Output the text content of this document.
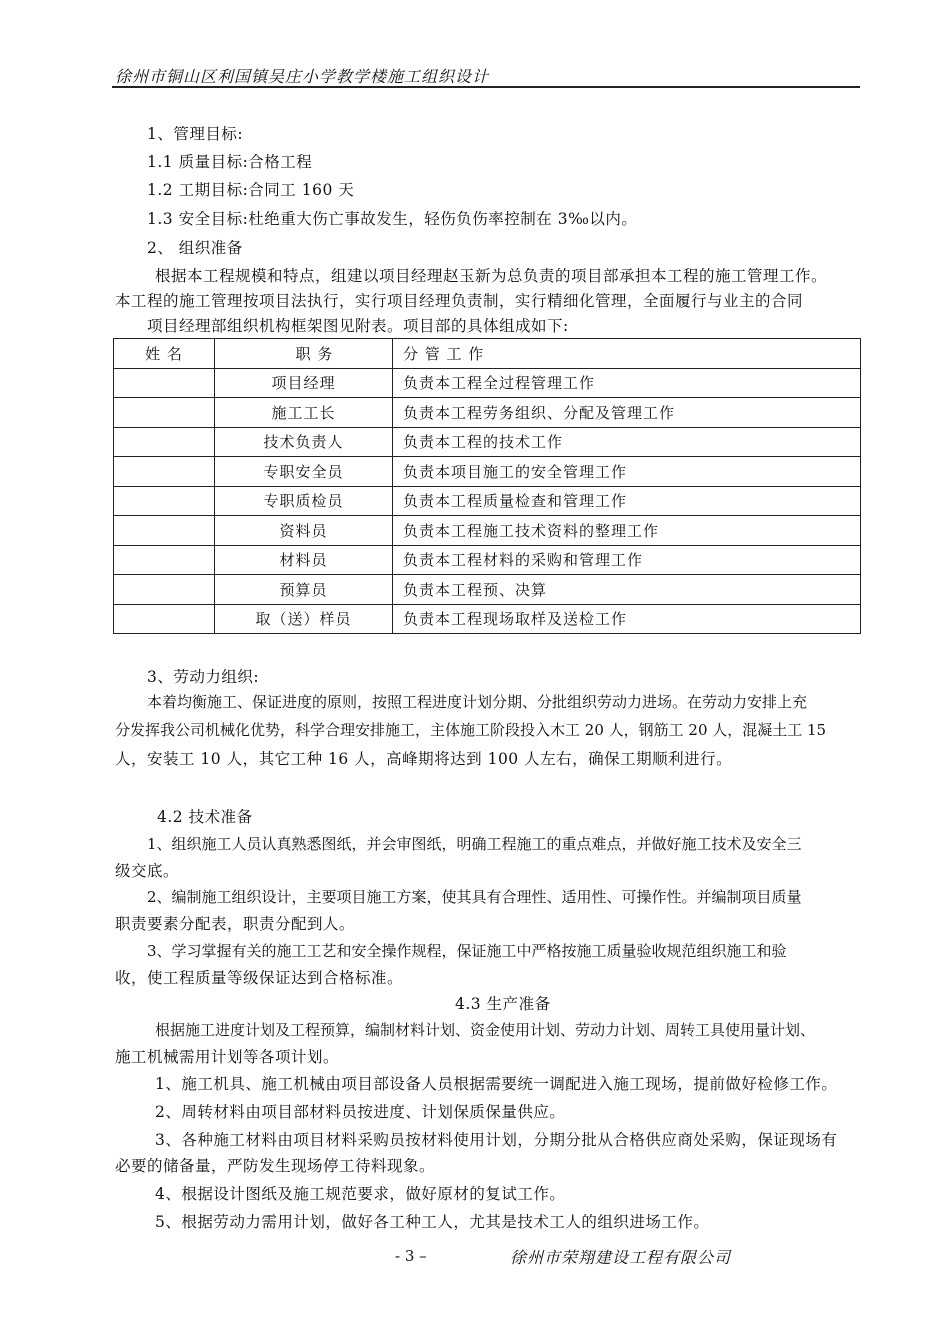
徐州市铜山区利国镇吴庄小学教学楼施工组织设计
1、管理目标:
1.1 质量目标:合格工程
1.2 工期目标:合同工 160 天
1.3 安全目标:杜绝重大伤亡事故发生，轻伤负伤率控制在 3‰以内。
2、 组织准备
根据本工程规模和特点，组建以项目经理赵玉新为总负责的项目部承担本工程的施工管理工作。
本工程的施工管理按项目法执行，实行项目经理负责制，实行精细化管理，全面履行与业主的合同
项目经理部组织机构框架图见附表。项目部的具体组成如下:
姓 名	职 务	分 管 工 作
	项目经理	负责本工程全过程管理工作
	施工工长	负责本工程劳务组织、分配及管理工作
	技术负责人	负责本工程的技术工作
	专职安全员	负责本项目施工的安全管理工作
	专职质检员	负责本工程质量检查和管理工作
	资料员	负责本工程施工技术资料的整理工作
	材料员	负责本工程材料的采购和管理工作
	预算员	负责本工程预、决算
	取（送）样员	负责本工程现场取样及送检工作
3、劳动力组织:
本着均衡施工、保证进度的原则，按照工程进度计划分期、分批组织劳动力进场。在劳动力安排上充
分发挥我公司机械化优势，科学合理安排施工，主体施工阶段投入木工 20 人，钢筋工 20 人，混凝土工 15
人，安装工 10 人，其它工种 16 人，高峰期将达到 100 人左右，确保工期顺利进行。
4.2 技术准备
1、组织施工人员认真熟悉图纸，并会审图纸，明确工程施工的重点难点，并做好施工技术及安全三
级交底。
2、编制施工组织设计，主要项目施工方案，使其具有合理性、适用性、可操作性。并编制项目质量
职责要素分配表，职责分配到人。
3、学习掌握有关的施工工艺和安全操作规程，保证施工中严格按施工质量验收规范组织施工和验
收，使工程质量等级保证达到合格标准。
4.3 生产准备
根据施工进度计划及工程预算，编制材料计划、资金使用计划、劳动力计划、周转工具使用量计划、
施工机械需用计划等各项计划。
1、施工机具、施工机械由项目部设备人员根据需要统一调配进入施工现场，提前做好检修工作。
2、周转材料由项目部材料员按进度、计划保质保量供应。
3、各种施工材料由项目材料采购员按材料使用计划，分期分批从合格供应商处采购，保证现场有
必要的储备量，严防发生现场停工待料现象。
4、根据设计图纸及施工规范要求，做好原材的复试工作。
5、根据劳动力需用计划，做好各工种工人，尤其是技术工人的组织进场工作。
- 3 –	徐州市荣翔建设工程有限公司
